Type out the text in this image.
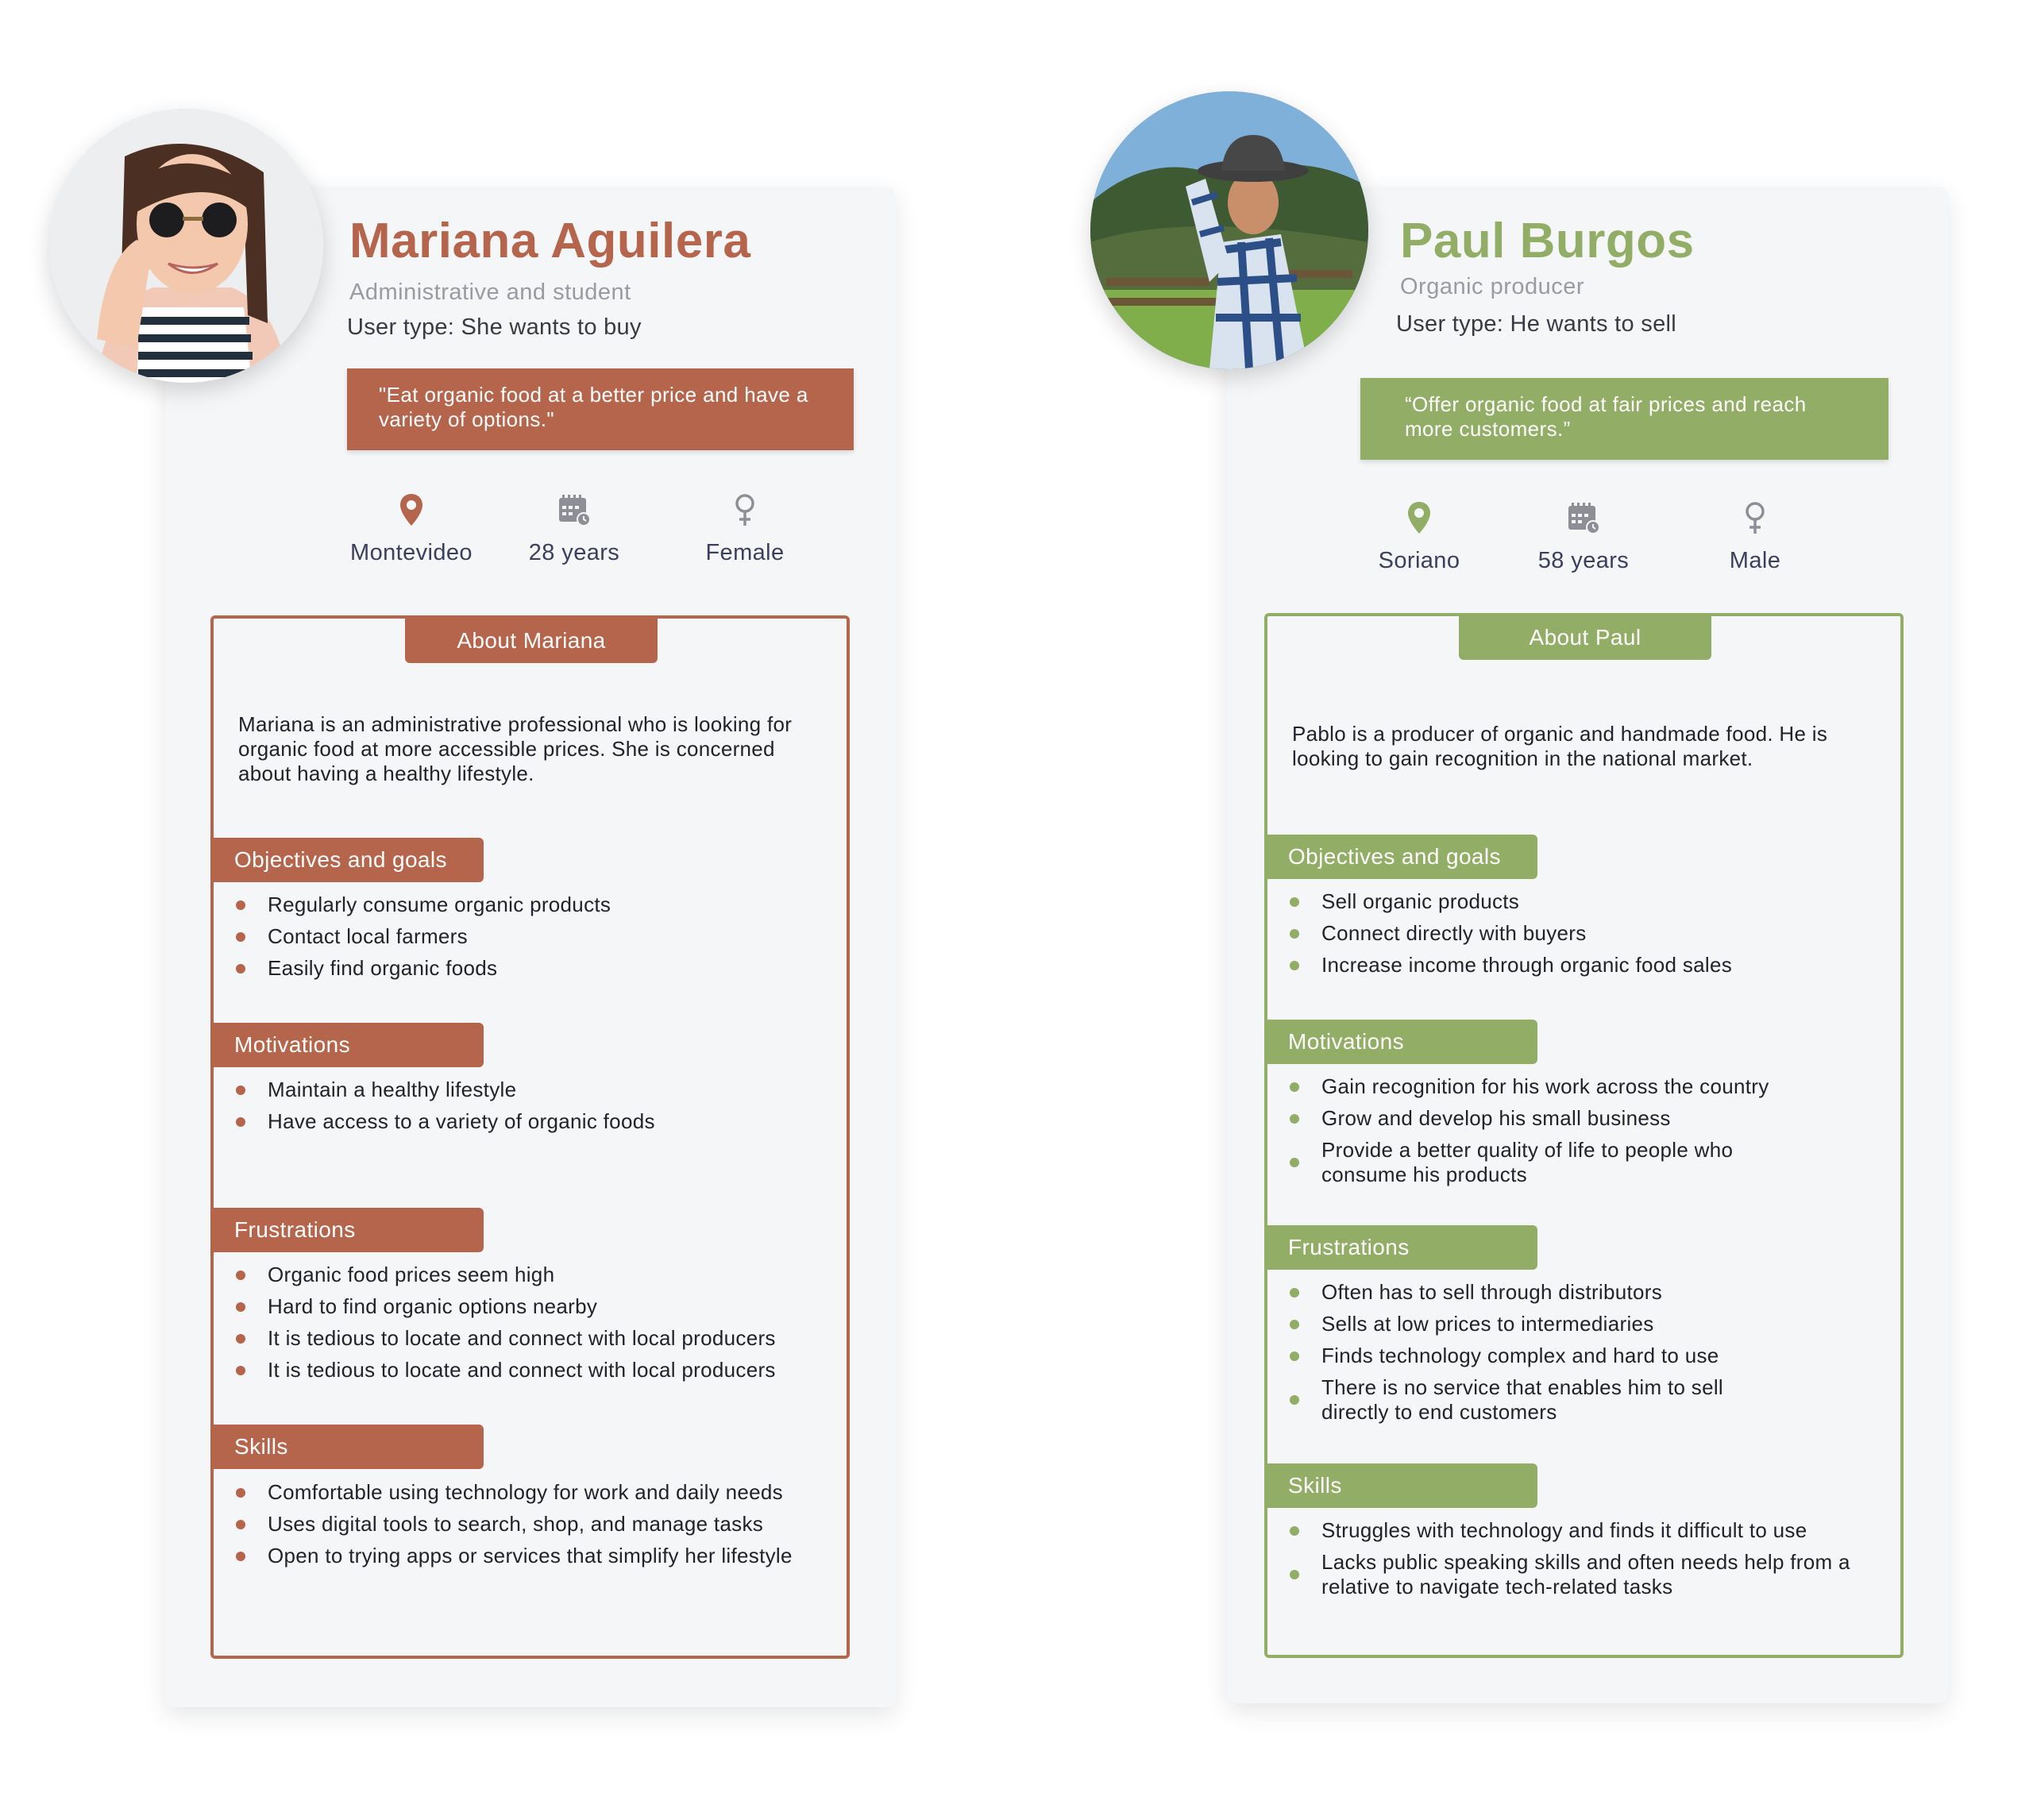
Mariana Aguilera
Administrative and student
User type: She wants to buy
"Eat organic food at a better price and have a variety of options."
Montevideo	28 years	Female
About Mariana
Mariana is an administrative professional who is looking for organic food at more accessible prices. She is concerned about having a healthy lifestyle.
Objectives and goals
Regularly consume organic products
Contact local farmers
Easily find organic foods
Motivations
Maintain a healthy lifestyle
Have access to a variety of organic foods
Frustrations
Organic food prices seem high
Hard to find organic options nearby
It is tedious to locate and connect with local producers
It is tedious to locate and connect with local producers
Skills
Comfortable using technology for work and daily needs
Uses digital tools to search, shop, and manage tasks
Open to trying apps or services that simplify her lifestyle
Paul Burgos
Organic producer
User type: He wants to sell
“Offer organic food at fair prices and reach more customers.”
Soriano	58 years	Male
About Paul
Pablo is a producer of organic and handmade food. He is looking to gain recognition in the national market.
Objectives and goals
Sell organic products
Connect directly with buyers
Increase income through organic food sales
Motivations
Gain recognition for his work across the country
Grow and develop his small business
Provide a better quality of life to people who consume his products
Frustrations
Often has to sell through distributors
Sells at low prices to intermediaries
Finds technology complex and hard to use
There is no service that enables him to sell directly to end customers
Skills
Struggles with technology and finds it difficult to use
Lacks public speaking skills and often needs help from a relative to navigate tech-related tasks
